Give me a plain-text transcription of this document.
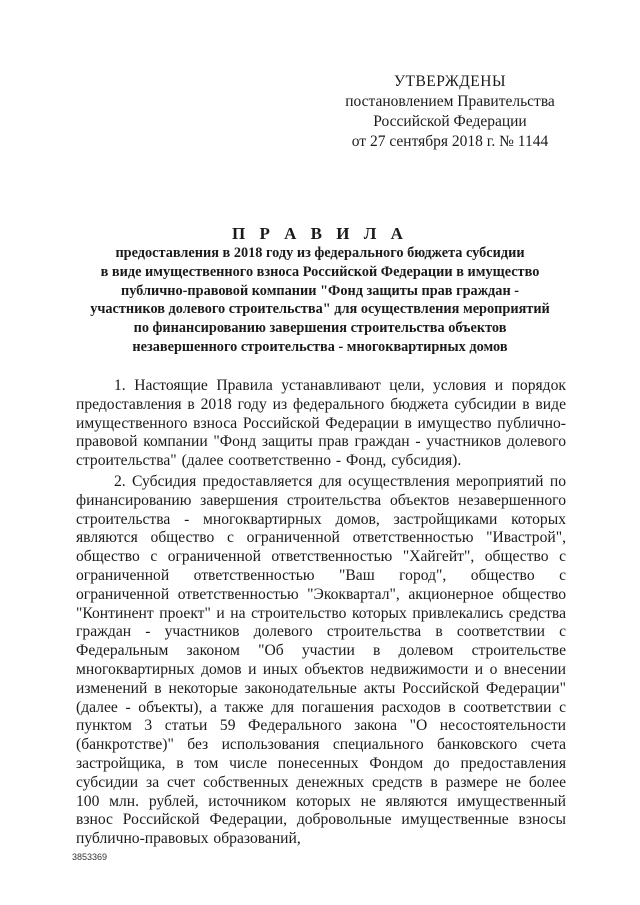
УТВЕРЖДЕНЫ
постановлением Правительства
Российской Федерации
от 27 сентября 2018 г. № 1144
П Р А В И Л А
предоставления в 2018 году из федерального бюджета субсидии
в виде имущественного взноса Российской Федерации в имущество
публично-правовой компании "Фонд защиты прав граждан -
участников долевого строительства" для осуществления мероприятий
по финансированию завершения строительства объектов
незавершенного строительства - многоквартирных домов

1. Настоящие Правила устанавливают цели, условия и порядок предоставления в 2018 году из федерального бюджета субсидии в виде имущественного взноса Российской Федерации в имущество публично-правовой компании "Фонд защиты прав граждан - участников долевого строительства" (далее соответственно - Фонд, субсидия).

2. Субсидия предоставляется для осуществления мероприятий по финансированию завершения строительства объектов незавершенного строительства - многоквартирных домов, застройщиками которых являются общество с ограниченной ответственностью "Ивастрой", общество с ограниченной ответственностью "Хайгейт", общество с ограниченной ответственностью "Ваш город", общество с ограниченной ответственностью "Экоквартал", акционерное общество "Континент проект" и на строительство которых привлекались средства граждан - участников долевого строительства в соответствии с Федеральным законом "Об участии в долевом строительстве многоквартирных домов и иных объектов недвижимости и о внесении изменений в некоторые законодательные акты Российской Федерации" (далее - объекты), а также для погашения расходов в соответствии с пунктом 3 статьи 59 Федерального закона "О несостоятельности (банкротстве)" без использования специального банковского счета застройщика, в том числе понесенных Фондом до предоставления субсидии за счет собственных денежных средств в размере не более 100 млн. рублей, источником которых не являются имущественный взнос Российской Федерации, добровольные имущественные взносы публично-правовых образований,

3853369
